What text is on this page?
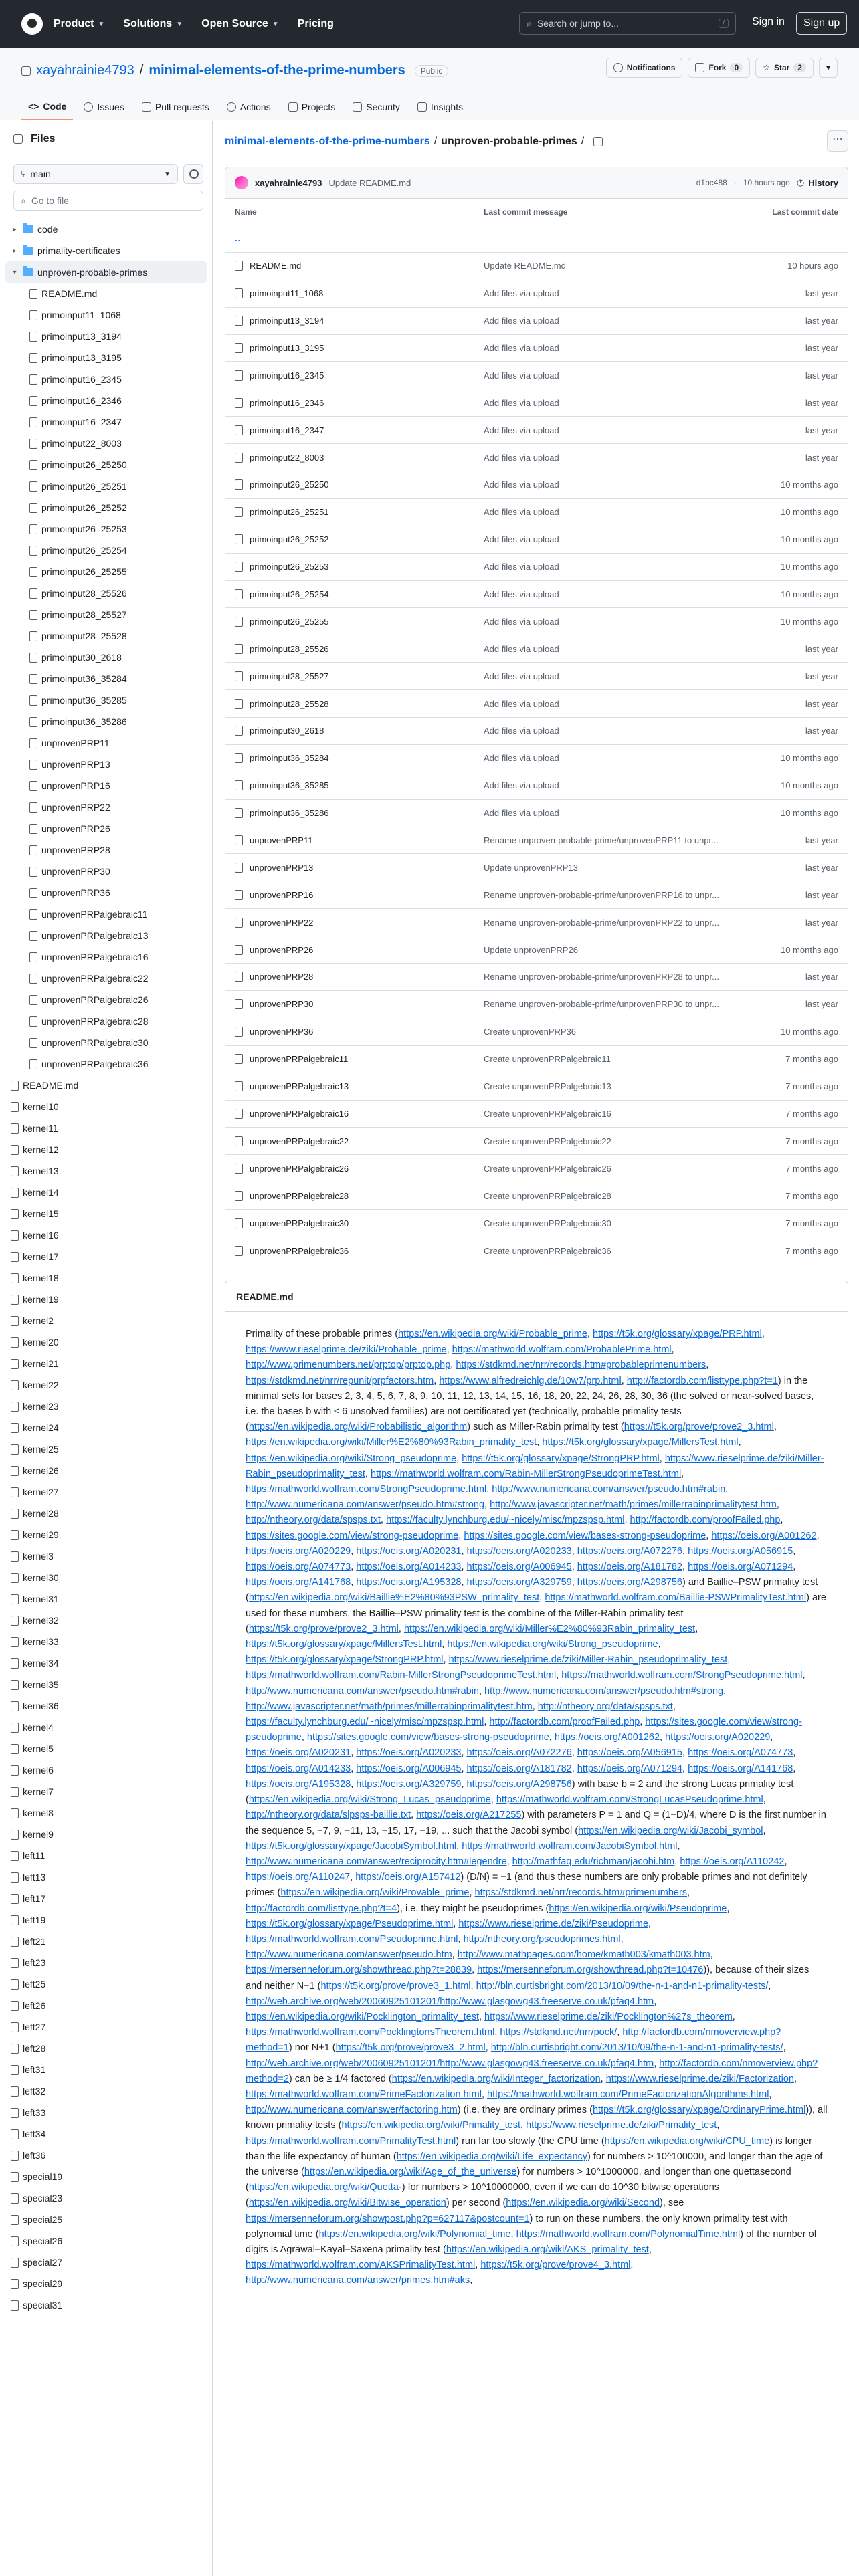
Product ▼ Solutions ▼ Open Source ▼ Pricing	⌕ Search or jump to...	/	Sign in	Sign up
xayahrainie4793 / minimal-elements-of-the-prime-numbers	Public	Notifications	Fork	0	☆ Star	2	▾
<> Code	Issues	Pull requests	Actions	Projects	Security	Insights
Files
⑂ main	▼
⌕ Go to file
▸ code
▸ primality-certificates
▾ unproven-probable-primes
README.md
primoinput11_1068
primoinput13_3194
primoinput13_3195
primoinput16_2345
primoinput16_2346
primoinput16_2347
primoinput22_8003
primoinput26_25250
primoinput26_25251
primoinput26_25252
primoinput26_25253
primoinput26_25254
primoinput26_25255
primoinput28_25526
primoinput28_25527
primoinput28_25528
primoinput30_2618
primoinput36_35284
primoinput36_35285
primoinput36_35286
unprovenPRP11
unprovenPRP13
unprovenPRP16
unprovenPRP22
unprovenPRP26
unprovenPRP28
unprovenPRP30
unprovenPRP36
unprovenPRPalgebraic11
unprovenPRPalgebraic13
unprovenPRPalgebraic16
unprovenPRPalgebraic22
unprovenPRPalgebraic26
unprovenPRPalgebraic28
unprovenPRPalgebraic30
unprovenPRPalgebraic36
README.md
kernel10
kernel11
kernel12
kernel13
kernel14
kernel15
kernel16
kernel17
kernel18
kernel19
kernel2
kernel20
kernel21
kernel22
kernel23
kernel24
kernel25
kernel26
kernel27
kernel28
kernel29
kernel3
kernel30
kernel31
kernel32
kernel33
kernel34
kernel35
kernel36
kernel4
kernel5
kernel6
kernel7
kernel8
kernel9
left11
left13
left17
left19
left21
left23
left25
left26
left27
left28
left31
left32
left33
left34
left36
special19
special23
special25
special26
special27
special29
special31
minimal-elements-of-the-prime-numbers / unproven-probable-primes /	⋯
xayahrainie4793 Update README.md	d1bc488 · 10 hours ago ◷ History
Name	Last commit message	Last commit date
..
README.md	Update README.md	10 hours ago
primoinput11_1068	Add files via upload	last year
primoinput13_3194	Add files via upload	last year
primoinput13_3195	Add files via upload	last year
primoinput16_2345	Add files via upload	last year
primoinput16_2346	Add files via upload	last year
primoinput16_2347	Add files via upload	last year
primoinput22_8003	Add files via upload	last year
primoinput26_25250	Add files via upload	10 months ago
primoinput26_25251	Add files via upload	10 months ago
primoinput26_25252	Add files via upload	10 months ago
primoinput26_25253	Add files via upload	10 months ago
primoinput26_25254	Add files via upload	10 months ago
primoinput26_25255	Add files via upload	10 months ago
primoinput28_25526	Add files via upload	last year
primoinput28_25527	Add files via upload	last year
primoinput28_25528	Add files via upload	last year
primoinput30_2618	Add files via upload	last year
primoinput36_35284	Add files via upload	10 months ago
primoinput36_35285	Add files via upload	10 months ago
primoinput36_35286	Add files via upload	10 months ago
unprovenPRP11	Rename unproven-probable-prime/unprovenPRP11 to unpr...	last year
unprovenPRP13	Update unprovenPRP13	last year
unprovenPRP16	Rename unproven-probable-prime/unprovenPRP16 to unpr...	last year
unprovenPRP22	Rename unproven-probable-prime/unprovenPRP22 to unpr...	last year
unprovenPRP26	Update unprovenPRP26	10 months ago
unprovenPRP28	Rename unproven-probable-prime/unprovenPRP28 to unpr...	last year
unprovenPRP30	Rename unproven-probable-prime/unprovenPRP30 to unpr...	last year
unprovenPRP36	Create unprovenPRP36	10 months ago
unprovenPRPalgebraic11	Create unprovenPRPalgebraic11	7 months ago
unprovenPRPalgebraic13	Create unprovenPRPalgebraic13	7 months ago
unprovenPRPalgebraic16	Create unprovenPRPalgebraic16	7 months ago
unprovenPRPalgebraic22	Create unprovenPRPalgebraic22	7 months ago
unprovenPRPalgebraic26	Create unprovenPRPalgebraic26	7 months ago
unprovenPRPalgebraic28	Create unprovenPRPalgebraic28	7 months ago
unprovenPRPalgebraic30	Create unprovenPRPalgebraic30	7 months ago
unprovenPRPalgebraic36	Create unprovenPRPalgebraic36	7 months ago
README.md

Primality of these probable primes (https://en.wikipedia.org/wiki/Probable_prime, https://t5k.org/glossary/xpage/PRP.html, https://www.rieselprime.de/ziki/Probable_prime, https://mathworld.wolfram.com/ProbablePrime.html, http://www.primenumbers.net/prptop/prptop.php, https://stdkmd.net/nrr/records.htm#probableprimenumbers, https://stdkmd.net/nrr/repunit/prpfactors.htm, https://www.alfredreichlg.de/10w7/prp.html, http://factordb.com/listtype.php?t=1) in the minimal sets for bases 2, 3, 4, 5, 6, 7, 8, 9, 10, 11, 12, 13, 14, 15, 16, 18, 20, 22, 24, 26, 28, 30, 36 (the solved or near-solved bases, i.e. the bases b with ≤ 6 unsolved families) are not certificated yet (technically, probable primality tests (https://en.wikipedia.org/wiki/Probabilistic_algorithm) such as Miller-Rabin primality test (https://t5k.org/prove/prove2_3.html, https://en.wikipedia.org/wiki/Miller%E2%80%93Rabin_primality_test, https://t5k.org/glossary/xpage/MillersTest.html, https://en.wikipedia.org/wiki/Strong_pseudoprime, https://t5k.org/glossary/xpage/StrongPRP.html, https://www.rieselprime.de/ziki/Miller-Rabin_pseudoprimality_test, https://mathworld.wolfram.com/Rabin-MillerStrongPseudoprimeTest.html, https://mathworld.wolfram.com/StrongPseudoprime.html, http://www.numericana.com/answer/pseudo.htm#rabin, http://www.numericana.com/answer/pseudo.htm#strong, http://www.javascripter.net/math/primes/millerrabinprimalitytest.htm, http://ntheory.org/data/spsps.txt, https://faculty.lynchburg.edu/~nicely/misc/mpzspsp.html, http://factordb.com/proofFailed.php, https://sites.google.com/view/strong-pseudoprime, https://sites.google.com/view/bases-strong-pseudoprime, https://oeis.org/A001262, https://oeis.org/A020229, https://oeis.org/A020231, https://oeis.org/A020233, https://oeis.org/A072276, https://oeis.org/A056915, https://oeis.org/A074773, https://oeis.org/A014233, https://oeis.org/A006945, https://oeis.org/A181782, https://oeis.org/A071294, https://oeis.org/A141768, https://oeis.org/A195328, https://oeis.org/A329759, https://oeis.org/A298756) and Baillie–PSW primality test (https://en.wikipedia.org/wiki/Baillie%E2%80%93PSW_primality_test, https://mathworld.wolfram.com/Baillie-PSWPrimalityTest.html) are used for these numbers, the Baillie–PSW primality test is the combine of the Miller-Rabin primality test (https://t5k.org/prove/prove2_3.html, https://en.wikipedia.org/wiki/Miller%E2%80%93Rabin_primality_test, https://t5k.org/glossary/xpage/MillersTest.html, https://en.wikipedia.org/wiki/Strong_pseudoprime, https://t5k.org/glossary/xpage/StrongPRP.html, https://www.rieselprime.de/ziki/Miller-Rabin_pseudoprimality_test, https://mathworld.wolfram.com/Rabin-MillerStrongPseudoprimeTest.html, https://mathworld.wolfram.com/StrongPseudoprime.html, http://www.numericana.com/answer/pseudo.htm#rabin, http://www.numericana.com/answer/pseudo.htm#strong, http://www.javascripter.net/math/primes/millerrabinprimalitytest.htm, http://ntheory.org/data/spsps.txt, https://faculty.lynchburg.edu/~nicely/misc/mpzspsp.html, http://factordb.com/proofFailed.php, https://sites.google.com/view/strong-pseudoprime, https://sites.google.com/view/bases-strong-pseudoprime, https://oeis.org/A001262, https://oeis.org/A020229, https://oeis.org/A020231, https://oeis.org/A020233, https://oeis.org/A072276, https://oeis.org/A056915, https://oeis.org/A074773, https://oeis.org/A014233, https://oeis.org/A006945, https://oeis.org/A181782, https://oeis.org/A071294, https://oeis.org/A141768, https://oeis.org/A195328, https://oeis.org/A329759, https://oeis.org/A298756) with base b = 2 and the strong Lucas primality test (https://en.wikipedia.org/wiki/Strong_Lucas_pseudoprime, https://mathworld.wolfram.com/StrongLucasPseudoprime.html, http://ntheory.org/data/slpsps-baillie.txt, https://oeis.org/A217255) with parameters P = 1 and Q = (1−D)/4, where D is the first number in the sequence 5, −7, 9, −11, 13, −15, 17, −19, ... such that the Jacobi symbol (https://en.wikipedia.org/wiki/Jacobi_symbol, https://t5k.org/glossary/xpage/JacobiSymbol.html, https://mathworld.wolfram.com/JacobiSymbol.html, http://www.numericana.com/answer/reciprocity.htm#legendre, http://mathfaq.edu/richman/jacobi.htm, https://oeis.org/A110242, https://oeis.org/A110247, https://oeis.org/A157412) (D/N) = −1 (and thus these numbers are only probable primes and not definitely primes (https://en.wikipedia.org/wiki/Provable_prime, https://stdkmd.net/nrr/records.htm#primenumbers, http://factordb.com/listtype.php?t=4), i.e. they might be pseudoprimes (https://en.wikipedia.org/wiki/Pseudoprime, https://t5k.org/glossary/xpage/Pseudoprime.html, https://www.rieselprime.de/ziki/Pseudoprime, https://mathworld.wolfram.com/Pseudoprime.html, http://ntheory.org/pseudoprimes.html, http://www.numericana.com/answer/pseudo.htm, http://www.mathpages.com/home/kmath003/kmath003.htm, https://mersenneforum.org/showthread.php?t=28839, https://mersenneforum.org/showthread.php?t=10476)), because of their sizes and neither N−1 (https://t5k.org/prove/prove3_1.html, http://bln.curtisbright.com/2013/10/09/the-n-1-and-n1-primality-tests/, http://web.archive.org/web/20060925101201/http://www.glasgowg43.freeserve.co.uk/pfaq4.htm, https://en.wikipedia.org/wiki/Pocklington_primality_test, https://www.rieselprime.de/ziki/Pocklington%27s_theorem, https://mathworld.wolfram.com/PocklingtonsTheorem.html, https://stdkmd.net/nrr/pock/, http://factordb.com/nmoverview.php?method=1) nor N+1 (https://t5k.org/prove/prove3_2.html, http://bln.curtisbright.com/2013/10/09/the-n-1-and-n1-primality-tests/, http://web.archive.org/web/20060925101201/http://www.glasgowg43.freeserve.co.uk/pfaq4.htm, http://factordb.com/nmoverview.php?method=2) can be ≥ 1/4 factored (https://en.wikipedia.org/wiki/Integer_factorization, https://www.rieselprime.de/ziki/Factorization, https://mathworld.wolfram.com/PrimeFactorization.html, https://mathworld.wolfram.com/PrimeFactorizationAlgorithms.html, http://www.numericana.com/answer/factoring.htm) (i.e. they are ordinary primes (https://t5k.org/glossary/xpage/OrdinaryPrime.html)), all known primality tests (https://en.wikipedia.org/wiki/Primality_test, https://www.rieselprime.de/ziki/Primality_test, https://mathworld.wolfram.com/PrimalityTest.html) run far too slowly (the CPU time (https://en.wikipedia.org/wiki/CPU_time) is longer than the life expectancy of human (https://en.wikipedia.org/wiki/Life_expectancy) for numbers > 10^100000, and longer than the age of the universe (https://en.wikipedia.org/wiki/Age_of_the_universe) for numbers > 10^1000000, and longer than one quettasecond (https://en.wikipedia.org/wiki/Quetta-) for numbers > 10^10000000, even if we can do 10^30 bitwise operations (https://en.wikipedia.org/wiki/Bitwise_operation) per second (https://en.wikipedia.org/wiki/Second), see https://mersenneforum.org/showpost.php?p=627117&postcount=1) to run on these numbers, the only known primality test with polynomial time (https://en.wikipedia.org/wiki/Polynomial_time, https://mathworld.wolfram.com/PolynomialTime.html) of the number of digits is Agrawal–Kayal–Saxena primality test (https://en.wikipedia.org/wiki/AKS_primality_test, https://mathworld.wolfram.com/AKSPrimalityTest.html, https://t5k.org/prove/prove4_3.html, http://www.numericana.com/answer/primes.htm#aks,
